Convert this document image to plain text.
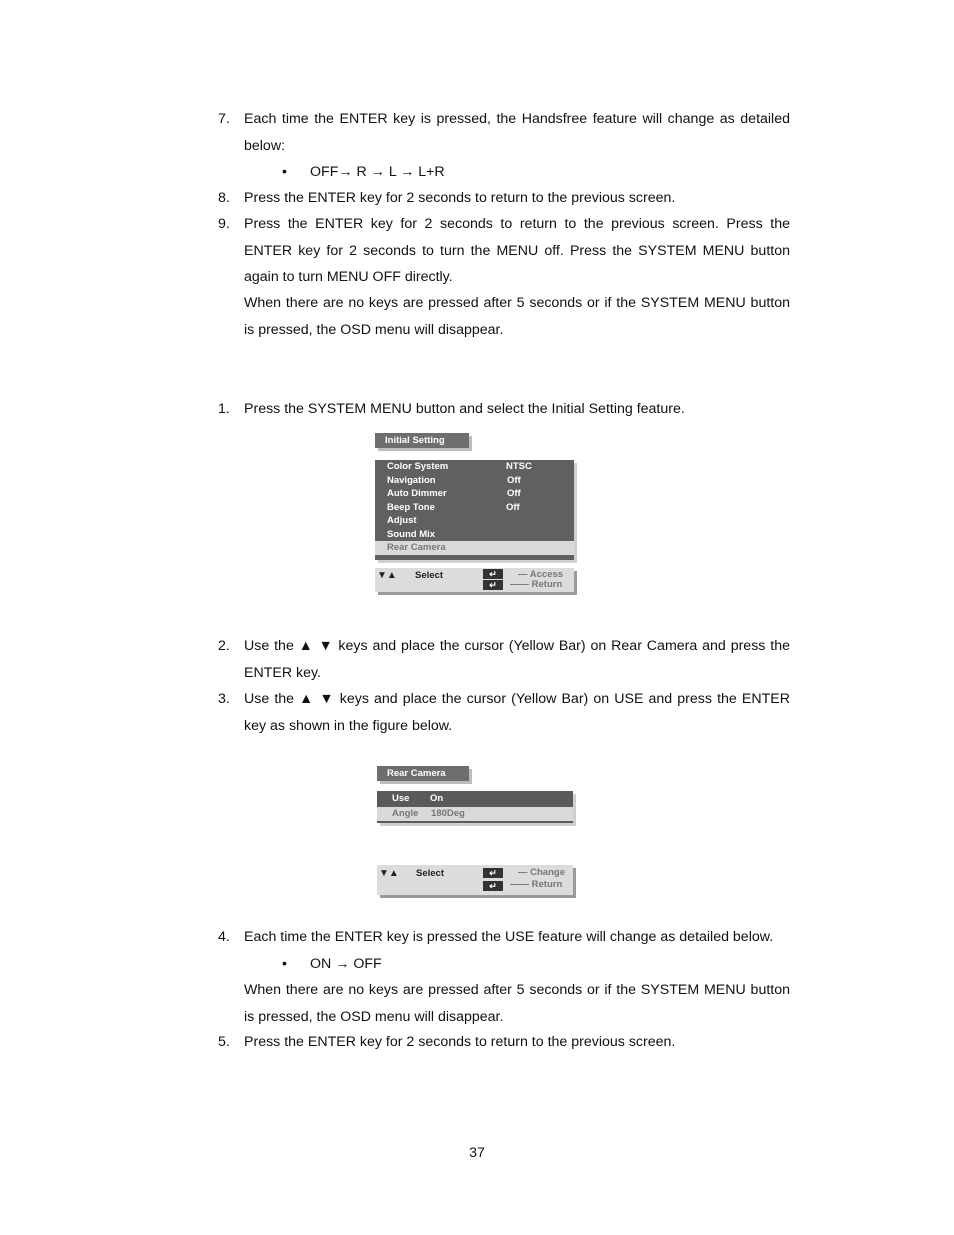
7. Each time the ENTER key is pressed, the Handsfree feature will change as detailed below:
• OFF→ R → L → L+R
8. Press the ENTER key for 2 seconds to return to the previous screen.
9. Press the ENTER key for 2 seconds to return to the previous screen. Press the ENTER key for 2 seconds to turn the MENU off. Press the SYSTEM MENU button again to turn MENU OFF directly.
When there are no keys are pressed after 5 seconds or if the SYSTEM MENU button is pressed, the OSD menu will disappear.
1. Press the SYSTEM MENU button and select the Initial Setting feature.
Initial Setting
Color System	NTSC
Navigation	Off
Auto Dimmer	Off
Beep Tone	Off
Adjust
Sound Mix
Rear Camera
▼▲ Select	↵
↵
— Access
—— Return
2. Use the ▲ ▼ keys and place the cursor (Yellow Bar) on Rear Camera and press the ENTER key.
3. Use the ▲ ▼ keys and place the cursor (Yellow Bar) on USE and press the ENTER key as shown in the figure below.
Rear Camera
Use On
Angle 180Deg
▼▲ Select	↵
↵
— Change
—— Return
4. Each time the ENTER key is pressed the USE feature will change as detailed below.
• ON → OFF
When there are no keys are pressed after 5 seconds or if the SYSTEM MENU button is pressed, the OSD menu will disappear.
5. Press the ENTER key for 2 seconds to return to the previous screen.
37
